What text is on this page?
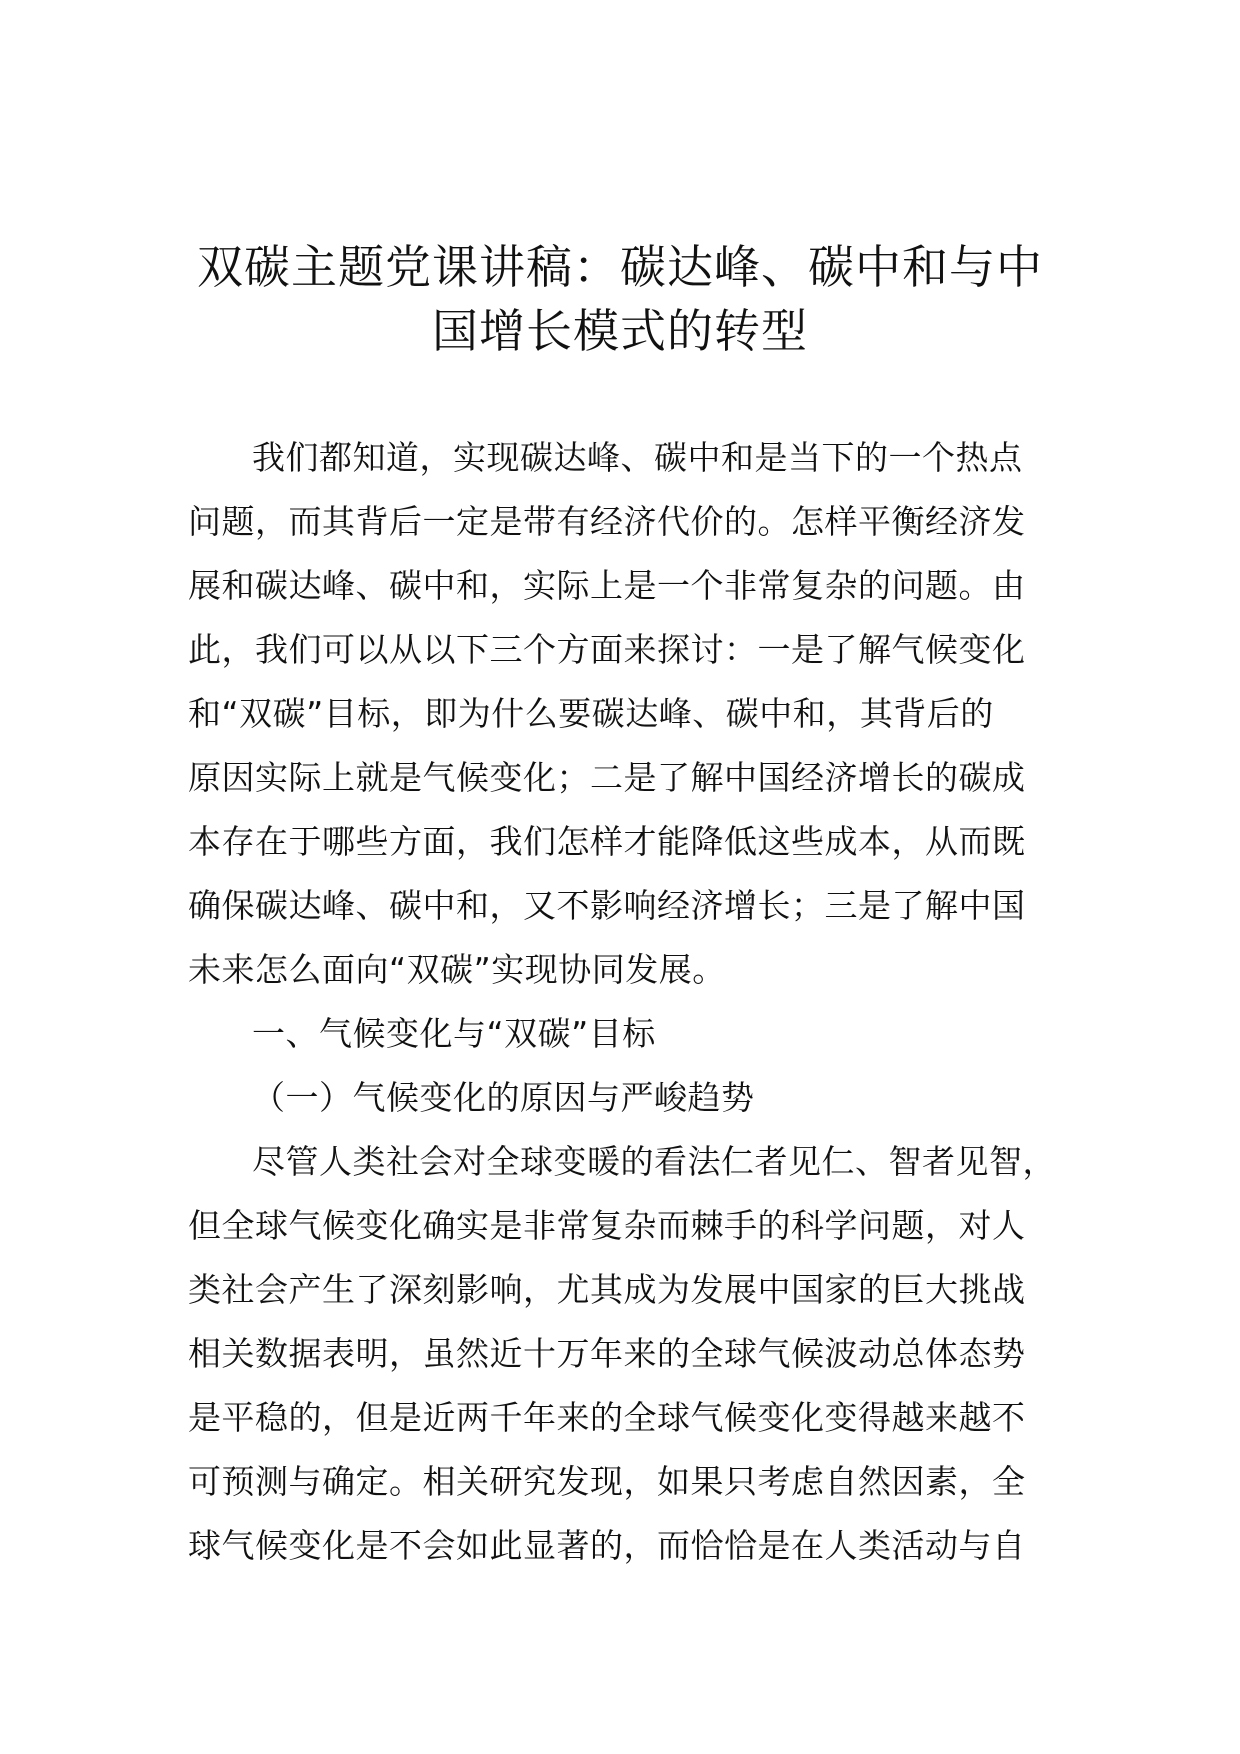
双碳主题党课讲稿：碳达峰、碳中和与中
国增长模式的转型
我们都知道，实现碳达峰、碳中和是当下的一个热点
问题，而其背后一定是带有经济代价的。怎样平衡经济发
展和碳达峰、碳中和，实际上是一个非常复杂的问题。由
此，我们可以从以下三个方面来探讨：一是了解气候变化
和“双碳”目标，即为什么要碳达峰、碳中和，其背后的
原因实际上就是气候变化；二是了解中国经济增长的碳成
本存在于哪些方面，我们怎样才能降低这些成本，从而既
确保碳达峰、碳中和，又不影响经济增长；三是了解中国
未来怎么面向“双碳”实现协同发展。
一、气候变化与“双碳”目标
（一）气候变化的原因与严峻趋势
尽管人类社会对全球变暖的看法仁者见仁、智者见智，
但全球气候变化确实是非常复杂而棘手的科学问题，对人
类社会产生了深刻影响，尤其成为发展中国家的巨大挑战
相关数据表明，虽然近十万年来的全球气候波动总体态势
是平稳的，但是近两千年来的全球气候变化变得越来越不
可预测与确定。相关研究发现，如果只考虑自然因素，全
球气候变化是不会如此显著的，而恰恰是在人类活动与自
